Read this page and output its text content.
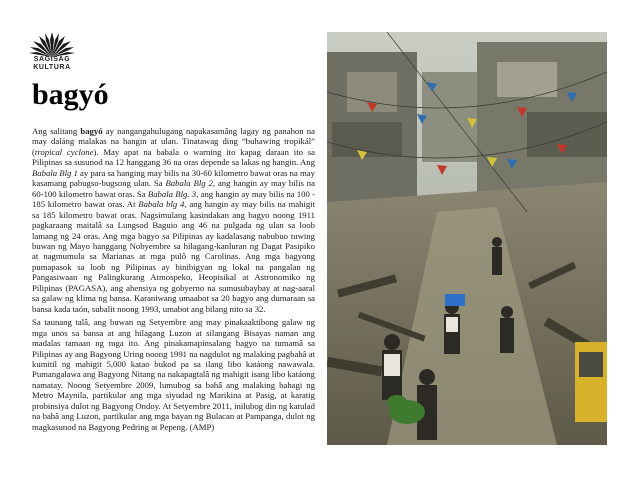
SAGISAG
KULTURA
bagyó

Ang salitang bagyó ay nangangahulugang napakasamâng lagay ng panahon na may daláng malakas na hangin at ulan. Tinatawag ding “buhawing tropikál” (tropical cyclone). May apat na babala o warning ito kapag daraan ito sa Pilipinas sa susunod na 12 hanggang 36 na oras depende sa lakas ng hangin. Ang Babala Blg 1 ay para sa hanging may bilis na 30-60 kilometro bawat oras na may kasamang pabugso-bugsong ulan. Sa Babala Blg 2, ang hangin ay may bilis na 60-100 kilometro bawat oras. Sa Babala Blg. 3, ang hangin ay may bilis na 100 - 185 kilometro bawat oras. At Babala blg 4, ang hangin ay may bilis na mahigit sa 185 kilometro bawat oras. Nagsimulang kasindakan ang bagyo noong 1911 pagkaraang maitalâ sa Lungsod Baguio ang 46 na pulgada ng ulan sa loob lamang ng 24 oras. Ang mga bagyo sa Pilipinas ay kadalasang nabubuo tuwing buwan ng Mayo hanggang Nobyembre sa hilagang-kanluran ng Dagat Pasipiko at nagmumula sa Marianas at mga pulô ng Carolinas. Ang mga bagyong pumapasok sa loob ng Pilipinas ay binibigyan ng lokal na pangalan ng Pangasiwaan ng Palingkurang Atmospeko, Heopisikal at Astronomiko ng Pilipinas (PAGASA), ang ahensiya ng gobyerno na sumusubaybay at nag-aaral sa galaw ng klima ng bansa. Karaniwang umaabot sa 20 bagyo ang dumaraan sa bansa kada taón, subalit noong 1993, umabot ang bilang nito sa 32.

Sa taunang talâ, ang buwan ng Setyembre ang may pinakaaktibong galaw ng mga unos sa bansa at ang hilagang Luzon at silangang Bisayas naman ang madalas tamaan ng mga ito. Ang pinakamapinsalang bagyo na tumamâ sa Pilipinas ay ang Bagyong Uring noong 1991 na nagdulot ng malaking pagbahâ at kumitil ng mahigit 5,000 katao bukod pa sa ilang libo katáong nawawala. Pumangalawa ang Bagyong Nitang na nakapagtalâ ng mahigit isang libo katáong namatay. Noong Setyembre 2009, lumubog sa bahâ ang malaking bahagi ng Metro Maynila, partikular ang mga siyudad ng Marikina at Pasig, at karatig probinsiya dulot ng Bagyong Ondoy. At Setyembre 2011, inilubog din ng katulad na bahâ ang Luzon, partikular ang mga bayan ng Bulacan at Pampanga, dulot ng magkasunod na Bagyong Pedring at Pepeng. (AMP)
